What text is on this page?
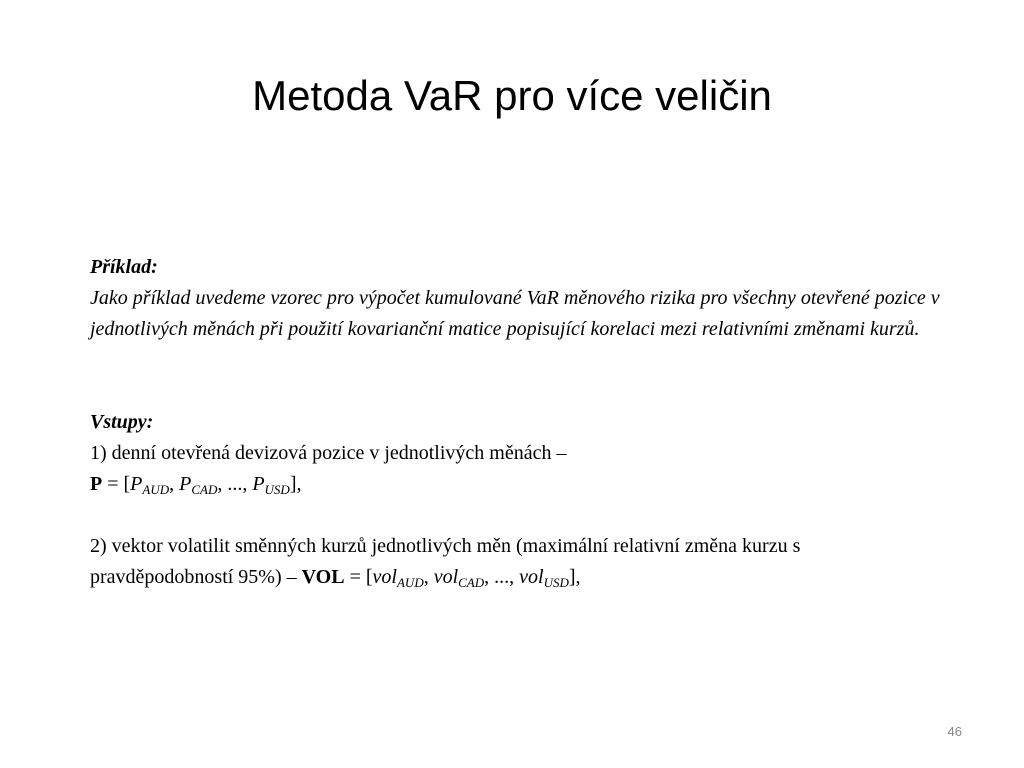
Metoda VaR pro více veličin

Příklad:

Jako příklad uvedeme vzorec pro výpočet kumulované VaR měnového rizika pro všechny otevřené pozice v jednotlivých měnách při použití kovarianční matice popisující korelaci mezi relativními změnami kurzů.

Vstupy:

1) denní otevřená devizová pozice v jednotlivých měnách –

$P = [P_{AUD}$, $P_{CAD}$, ..., $P_{USD}$],

2) vektor volatilit směnných kurzů jednotlivých měn (maximální relativní změna kurzu s pravděpodobností 95%) – VOL = [vol$_{AUD}$, vol$_{CAD}$, ..., vol$_{USD}$],

46
